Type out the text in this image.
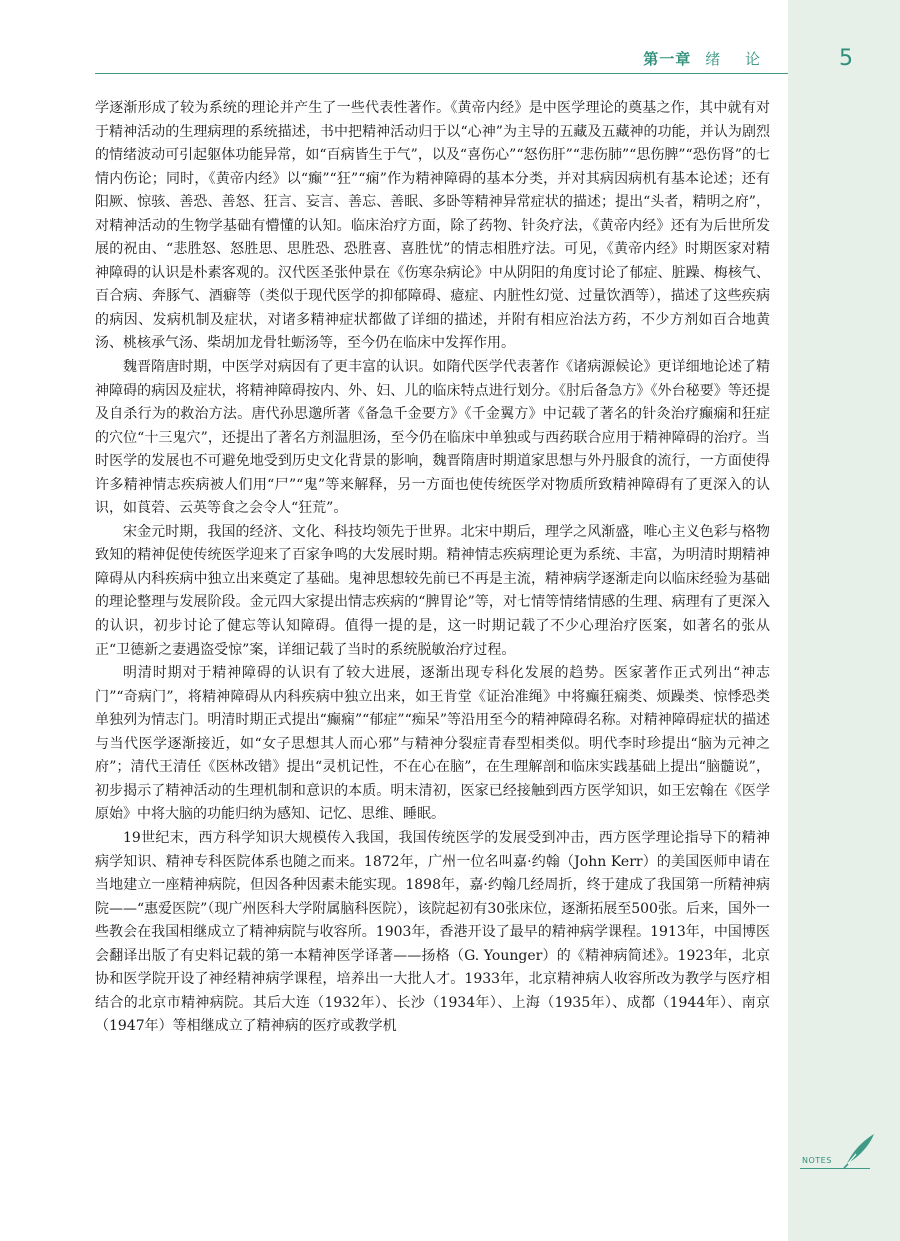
第一章 绪 论	5

学逐渐形成了较为系统的理论并产生了一些代表性著作。《黄帝内经》是中医学理论的奠基之作，其中就有对于精神活动的生理病理的系统描述，书中把精神活动归于以“心神”为主导的五藏及五藏神的功能，并认为剧烈的情绪波动可引起躯体功能异常，如“百病皆生于气”，以及“喜伤心”“怒伤肝”“悲伤肺”“思伤脾”“恐伤肾”的七情内伤论；同时，《黄帝内经》以“癫”“狂”“痫”作为精神障碍的基本分类，并对其病因病机有基本论述；还有阳厥、惊骇、善恐、善怒、狂言、妄言、善忘、善眠、多卧等精神异常症状的描述；提出“头者，精明之府”，对精神活动的生物学基础有懵懂的认知。临床治疗方面，除了药物、针灸疗法，《黄帝内经》还有为后世所发展的祝由、“悲胜怒、怒胜思、思胜恐、恐胜喜、喜胜忧”的情志相胜疗法。可见，《黄帝内经》时期医家对精神障碍的认识是朴素客观的。汉代医圣张仲景在《伤寒杂病论》中从阴阳的角度讨论了郁症、脏躁、梅核气、百合病、奔豚气、酒癖等（类似于现代医学的抑郁障碍、癔症、内脏性幻觉、过量饮酒等），描述了这些疾病的病因、发病机制及症状，对诸多精神症状都做了详细的描述，并附有相应治法方药，不少方剂如百合地黄汤、桃核承气汤、柴胡加龙骨牡蛎汤等，至今仍在临床中发挥作用。

魏晋隋唐时期，中医学对病因有了更丰富的认识。如隋代医学代表著作《诸病源候论》更详细地论述了精神障碍的病因及症状，将精神障碍按内、外、妇、儿的临床特点进行划分。《肘后备急方》《外台秘要》等还提及自杀行为的救治方法。唐代孙思邈所著《备急千金要方》《千金翼方》中记载了著名的针灸治疗癫痫和狂症的穴位“十三鬼穴”，还提出了著名方剂温胆汤，至今仍在临床中单独或与西药联合应用于精神障碍的治疗。当时医学的发展也不可避免地受到历史文化背景的影响，魏晋隋唐时期道家思想与外丹服食的流行，一方面使得许多精神情志疾病被人们用“尸”“鬼”等来解释，另一方面也使传统医学对物质所致精神障碍有了更深入的认识，如莨菪、云英等食之会令人“狂荒”。

宋金元时期，我国的经济、文化、科技均领先于世界。北宋中期后，理学之风渐盛，唯心主义色彩与格物致知的精神促使传统医学迎来了百家争鸣的大发展时期。精神情志疾病理论更为系统、丰富，为明清时期精神障碍从内科疾病中独立出来奠定了基础。鬼神思想较先前已不再是主流，精神病学逐渐走向以临床经验为基础的理论整理与发展阶段。金元四大家提出情志疾病的“脾胃论”等，对七情等情绪情感的生理、病理有了更深入的认识，初步讨论了健忘等认知障碍。值得一提的是，这一时期记载了不少心理治疗医案，如著名的张从正“卫德新之妻遇盗受惊”案，详细记载了当时的系统脱敏治疗过程。

明清时期对于精神障碍的认识有了较大进展，逐渐出现专科化发展的趋势。医家著作正式列出“神志门”“奇病门”，将精神障碍从内科疾病中独立出来，如王肯堂《证治准绳》中将癫狂痫类、烦躁类、惊悸恐类单独列为情志门。明清时期正式提出“癫痫”“郁症”“痴呆”等沿用至今的精神障碍名称。对精神障碍症状的描述与当代医学逐渐接近，如“女子思想其人而心邪”与精神分裂症青春型相类似。明代李时珍提出“脑为元神之府”；清代王清任《医林改错》提出“灵机记性，不在心在脑”，在生理解剖和临床实践基础上提出“脑髓说”，初步揭示了精神活动的生理机制和意识的本质。明末清初，医家已经接触到西方医学知识，如王宏翰在《医学原始》中将大脑的功能归纳为感知、记忆、思维、睡眠。

19世纪末，西方科学知识大规模传入我国，我国传统医学的发展受到冲击，西方医学理论指导下的精神病学知识、精神专科医院体系也随之而来。1872年，广州一位名叫嘉·约翰（John Kerr）的美国医师申请在当地建立一座精神病院，但因各种因素未能实现。1898年，嘉·约翰几经周折，终于建成了我国第一所精神病院——“惠爱医院”（现广州医科大学附属脑科医院），该院起初有30张床位，逐渐拓展至500张。后来，国外一些教会在我国相继成立了精神病院与收容所。1903年，香港开设了最早的精神病学课程。1913年，中国博医会翻译出版了有史料记载的第一本精神医学译著——扬格（G. Younger）的《精神病简述》。1923年，北京协和医学院开设了神经精神病学课程，培养出一大批人才。1933年，北京精神病人收容所改为教学与医疗相结合的北京市精神病院。其后大连（1932年）、长沙（1934年）、上海（1935年）、成都（1944年）、南京（1947年）等相继成立了精神病的医疗或教学机

NOTES
